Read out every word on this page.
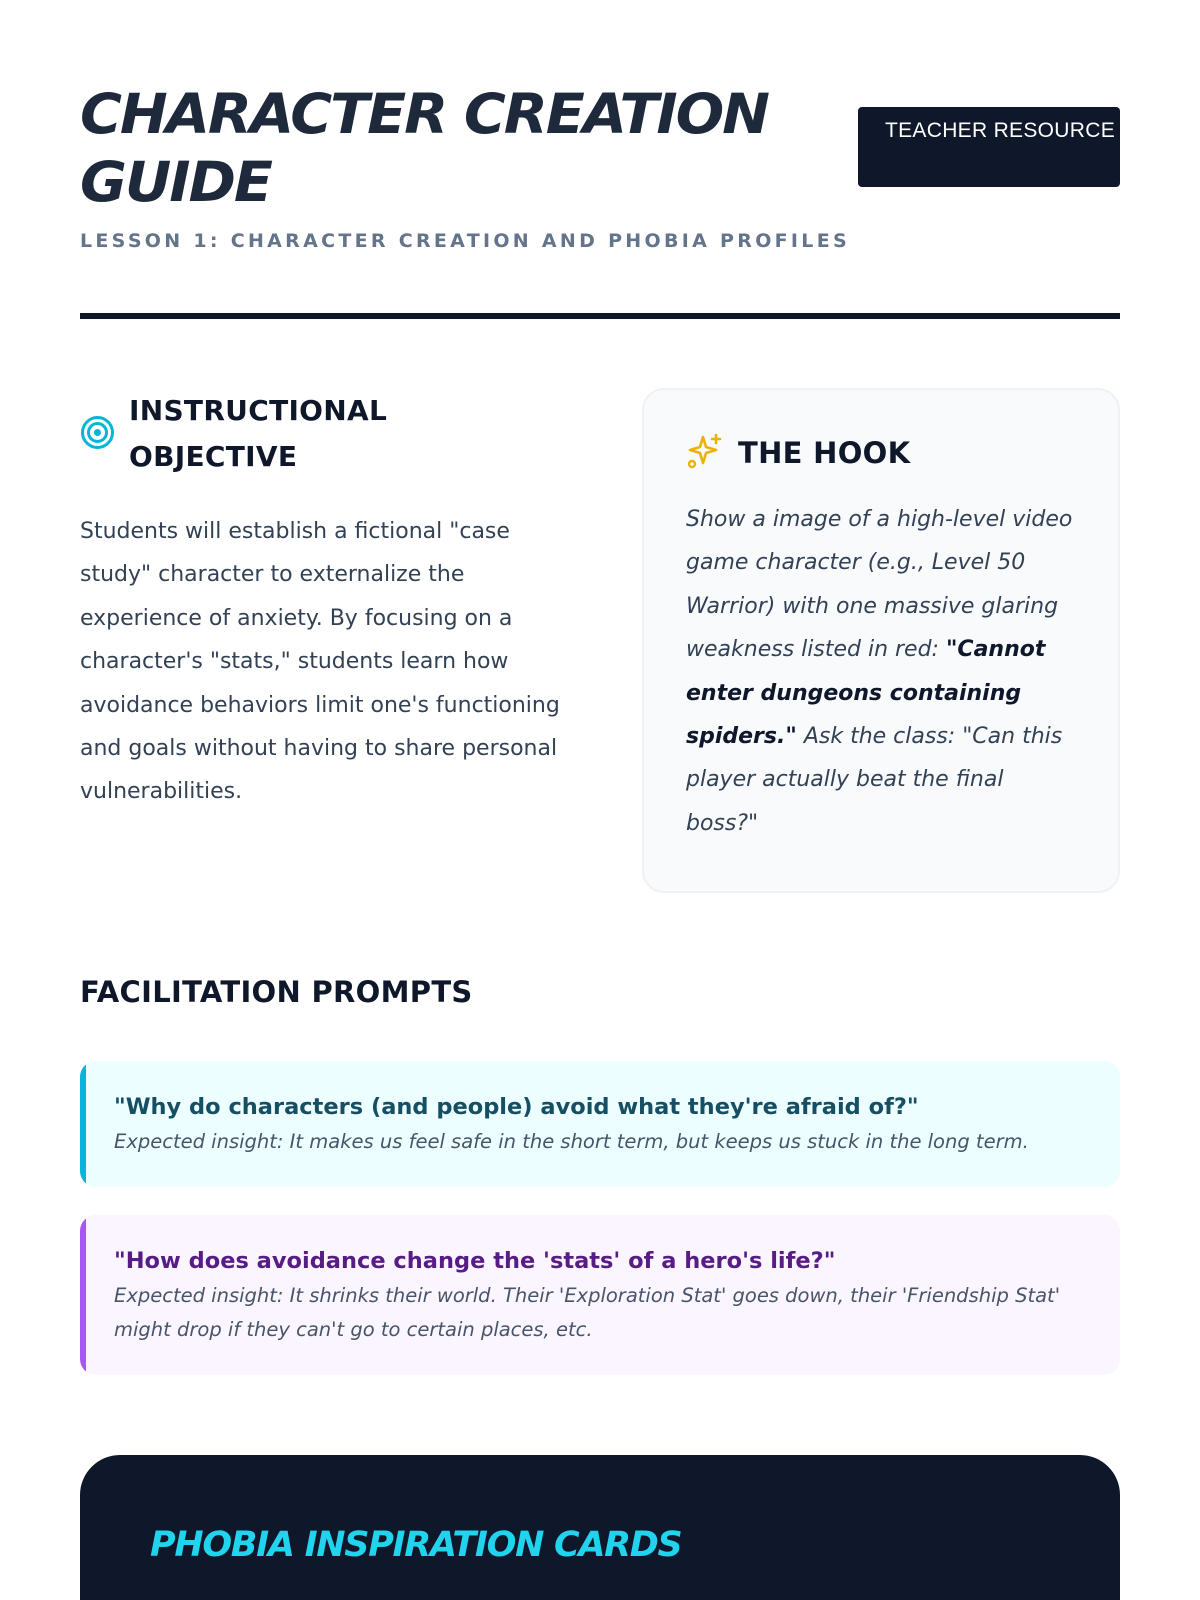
CHARACTER CREATION GUIDE
TEACHER RESOURCE
LESSON 1: CHARACTER CREATION AND PHOBIA PROFILES
INSTRUCTIONAL OBJECTIVE

Students will establish a fictional "case study" character to externalize the experience of anxiety. By focusing on a character's "stats," students learn how avoidance behaviors limit one's functioning and goals without having to share personal vulnerabilities.

THE HOOK

Show a image of a high-level video game character (e.g., Level 50 Warrior) with one massive glaring weakness listed in red: "Cannot enter dungeons containing spiders." Ask the class: "Can this player actually beat the final boss?"

FACILITATION PROMPTS
"Why do characters (and people) avoid what they're afraid of?"
Expected insight: It makes us feel safe in the short term, but keeps us stuck in the long term.
"How does avoidance change the 'stats' of a hero's life?"
Expected insight: It shrinks their world. Their 'Exploration Stat' goes down, their 'Friendship Stat' might drop if they can't go to certain places, etc.
PHOBIA INSPIRATION CARDS
